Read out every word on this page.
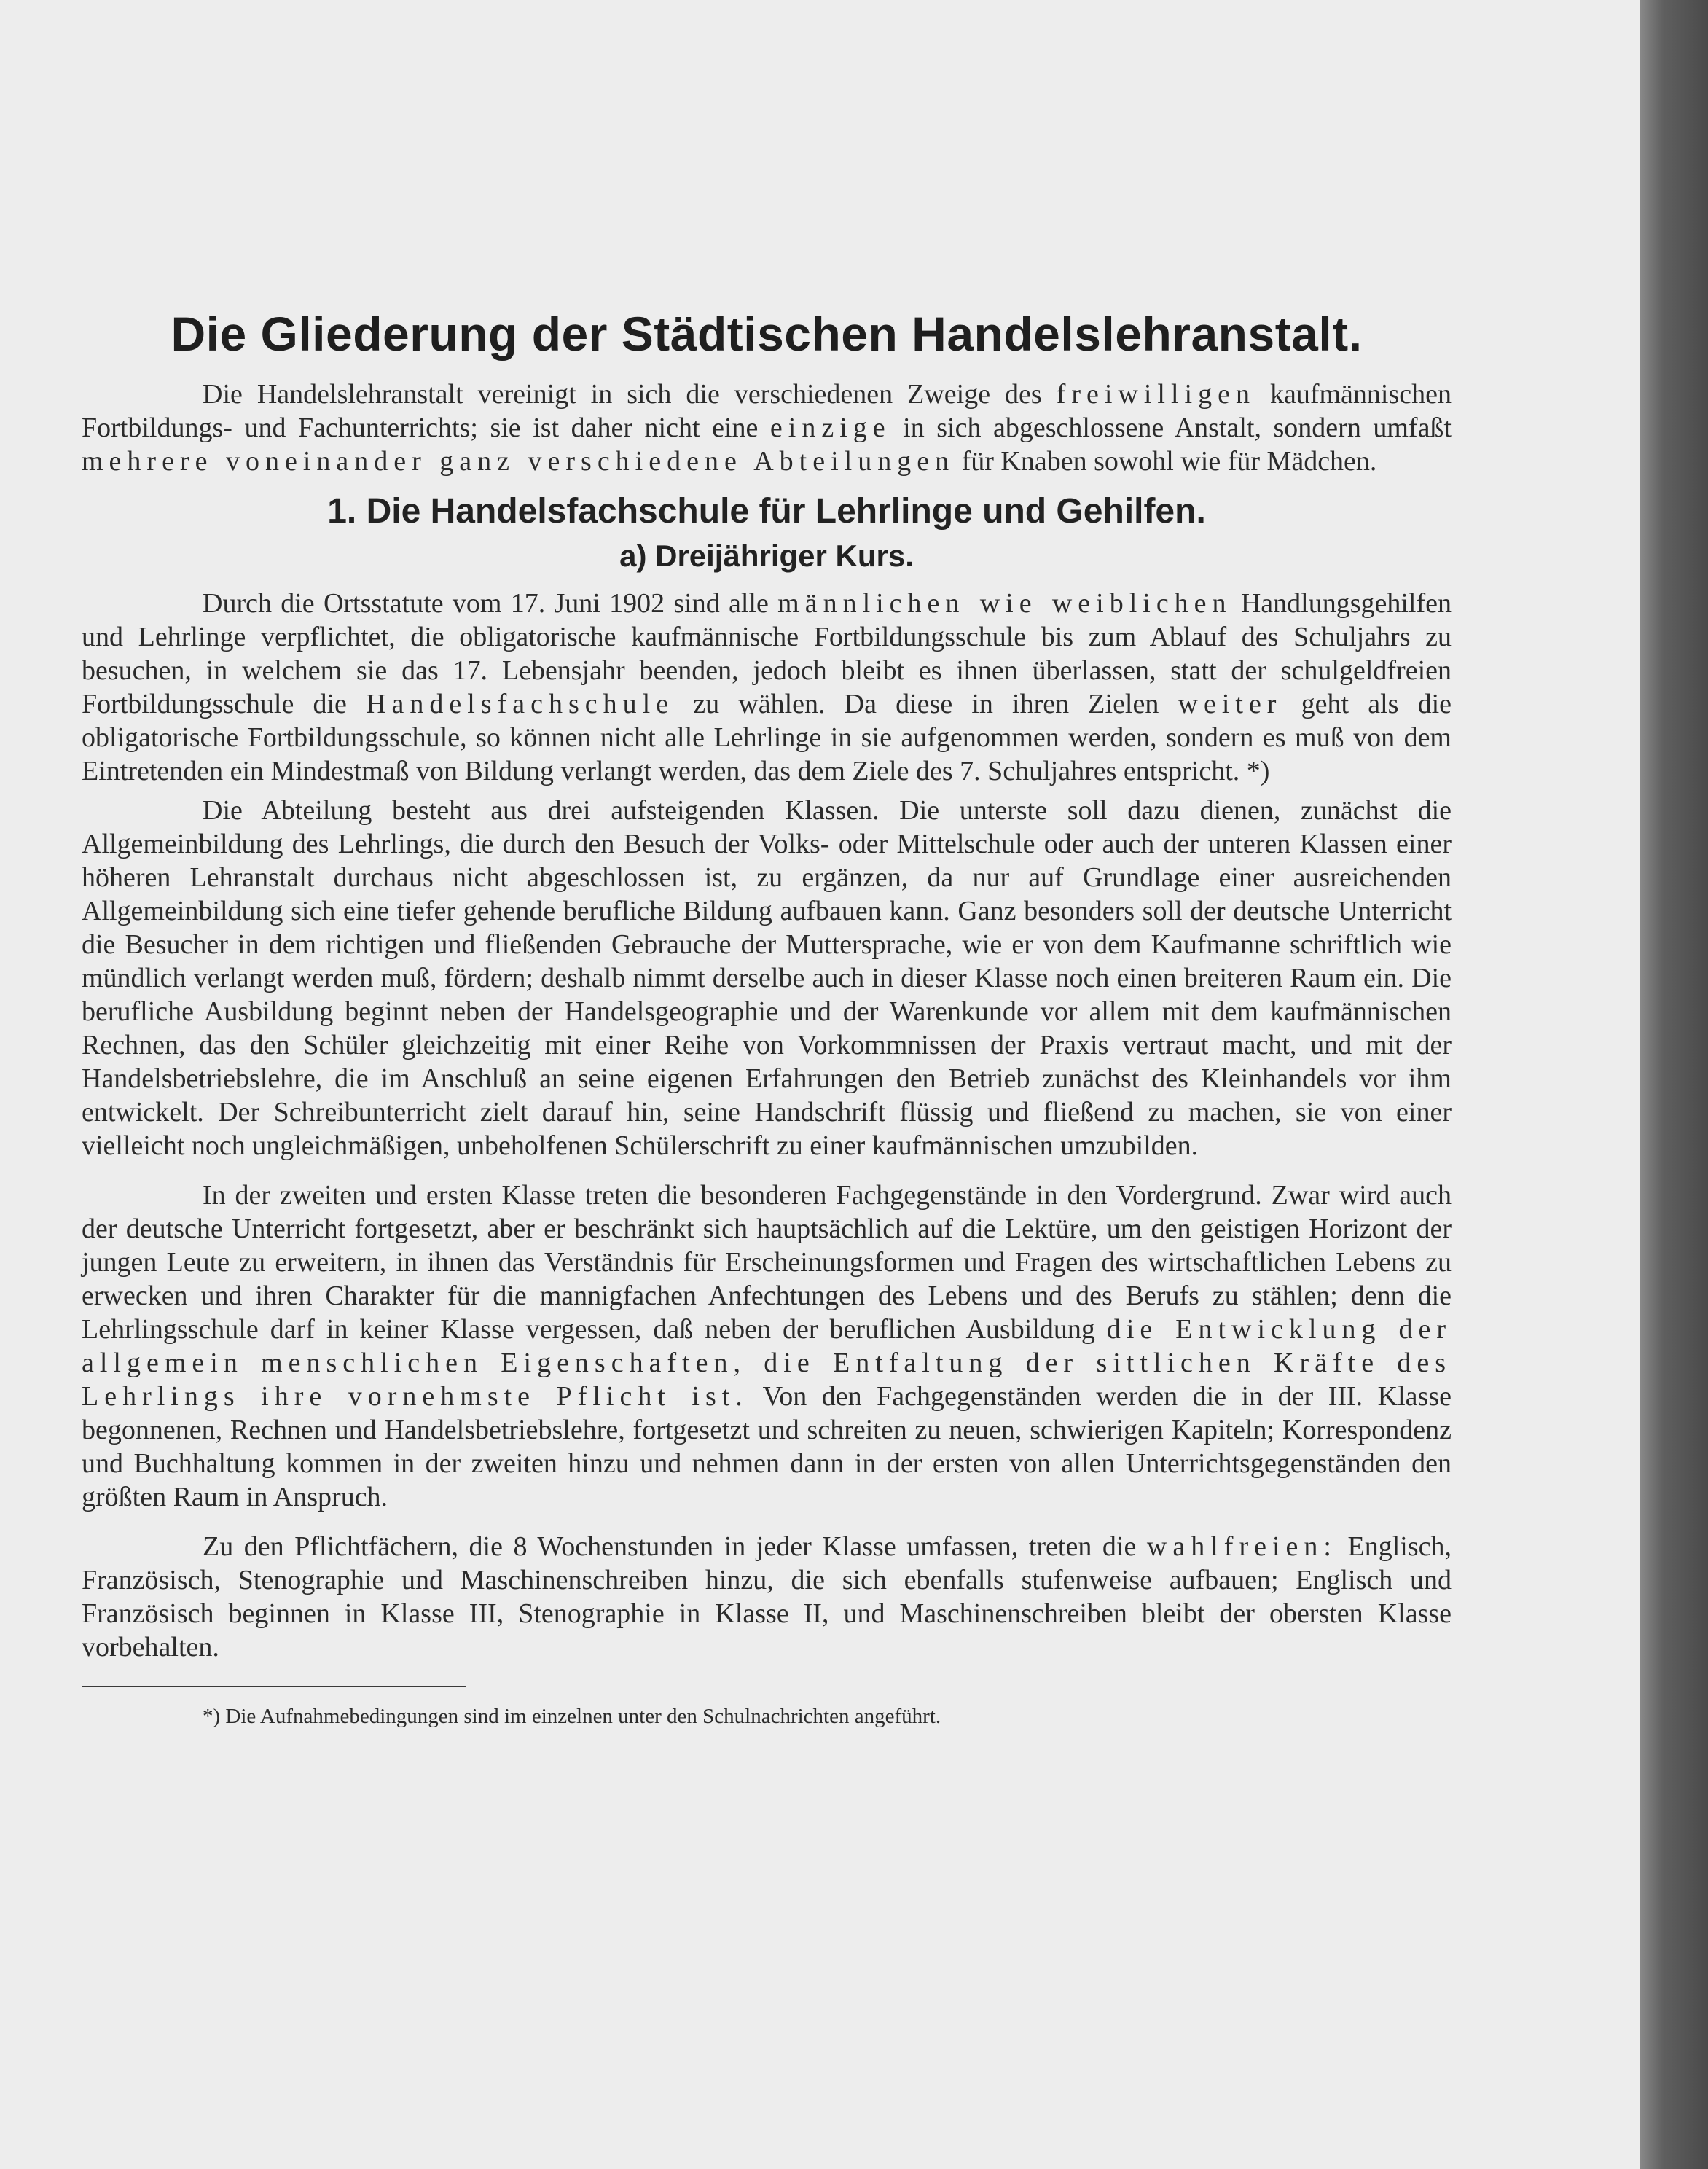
Die Gliederung der Städtischen Handelslehranstalt.

Die Handelslehranstalt vereinigt in sich die verschiedenen Zweige des freiwilligen kaufmännischen Fortbildungs- und Fachunterrichts; sie ist daher nicht eine einzige in sich abgeschlossene Anstalt, sondern umfaßt mehrere voneinander ganz verschiedene Abteilungen für Knaben sowohl wie für Mädchen.

1. Die Handelsfachschule für Lehrlinge und Gehilfen.
a) Dreijähriger Kurs.

Durch die Ortsstatute vom 17. Juni 1902 sind alle männlichen wie weiblichen Handlungsgehilfen und Lehrlinge verpflichtet, die obligatorische kaufmännische Fortbildungsschule bis zum Ablauf des Schuljahrs zu besuchen, in welchem sie das 17. Lebensjahr beenden, jedoch bleibt es ihnen überlassen, statt der schulgeldfreien Fortbildungsschule die Handelsfachschule zu wählen. Da diese in ihren Zielen weiter geht als die obligatorische Fortbildungsschule, so können nicht alle Lehrlinge in sie aufgenommen werden, sondern es muß von dem Eintretenden ein Mindestmaß von Bildung verlangt werden, das dem Ziele des 7. Schuljahres entspricht. *)

Die Abteilung besteht aus drei aufsteigenden Klassen. Die unterste soll dazu dienen, zunächst die Allgemeinbildung des Lehrlings, die durch den Besuch der Volks- oder Mittelschule oder auch der unteren Klassen einer höheren Lehranstalt durchaus nicht abgeschlossen ist, zu ergänzen, da nur auf Grundlage einer ausreichenden Allgemeinbildung sich eine tiefer gehende berufliche Bildung aufbauen kann. Ganz besonders soll der deutsche Unterricht die Besucher in dem richtigen und fließenden Gebrauche der Muttersprache, wie er von dem Kaufmanne schriftlich wie mündlich verlangt werden muß, fördern; deshalb nimmt derselbe auch in dieser Klasse noch einen breiteren Raum ein. Die berufliche Ausbildung beginnt neben der Handelsgeographie und der Warenkunde vor allem mit dem kaufmännischen Rechnen, das den Schüler gleichzeitig mit einer Reihe von Vorkommnissen der Praxis vertraut macht, und mit der Handelsbetriebslehre, die im Anschluß an seine eigenen Erfahrungen den Betrieb zunächst des Kleinhandels vor ihm entwickelt. Der Schreibunterricht zielt darauf hin, seine Handschrift flüssig und fließend zu machen, sie von einer vielleicht noch ungleichmäßigen, unbeholfenen Schülerschrift zu einer kaufmännischen umzubilden.

In der zweiten und ersten Klasse treten die besonderen Fachgegenstände in den Vordergrund. Zwar wird auch der deutsche Unterricht fortgesetzt, aber er beschränkt sich hauptsächlich auf die Lektüre, um den geistigen Horizont der jungen Leute zu erweitern, in ihnen das Verständnis für Erscheinungsformen und Fragen des wirtschaftlichen Lebens zu erwecken und ihren Charakter für die mannigfachen Anfechtungen des Lebens und des Berufs zu stählen; denn die Lehrlingsschule darf in keiner Klasse vergessen, daß neben der beruflichen Ausbildung die Entwicklung der allgemein menschlichen Eigenschaften, die Entfaltung der sittlichen Kräfte des Lehrlings ihre vornehmste Pflicht ist. Von den Fachgegenständen werden die in der III. Klasse begonnenen, Rechnen und Handelsbetriebslehre, fortgesetzt und schreiten zu neuen, schwierigen Kapiteln; Korrespondenz und Buchhaltung kommen in der zweiten hinzu und nehmen dann in der ersten von allen Unterrichtsgegenständen den größten Raum in Anspruch.

Zu den Pflichtfächern, die 8 Wochenstunden in jeder Klasse umfassen, treten die wahlfreien: Englisch, Französisch, Stenographie und Maschinenschreiben hinzu, die sich ebenfalls stufenweise aufbauen; Englisch und Französisch beginnen in Klasse III, Stenographie in Klasse II, und Maschinenschreiben bleibt der obersten Klasse vorbehalten.

*) Die Aufnahmebedingungen sind im einzelnen unter den Schulnachrichten angeführt.
